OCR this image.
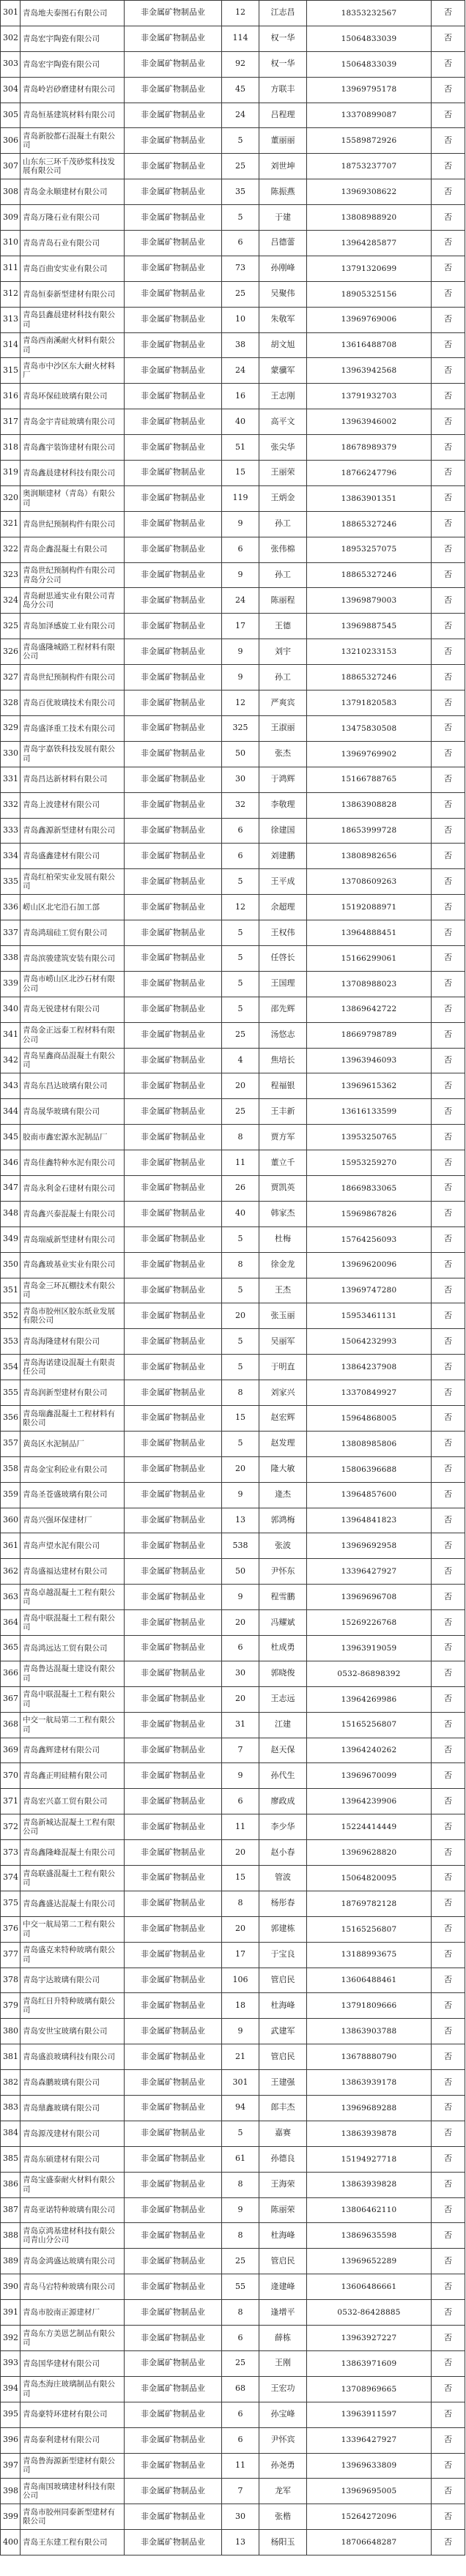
301	青岛地夫泰图石有限公司	非金属矿物制品业	12	江志昌	18353232567	否
302	青岛宏宇陶瓷有限公司	非金属矿物制品业	114	权一华	15064833039	否
303	青岛宏宇陶瓷有限公司	非金属矿物制品业	92	权一华	15064833039	否
304	青岛岭岩砂磨建材有限公司	非金属矿物制品业	45	方联丰	13969795178	否
305	青岛恒基建筑材料有限公司	非金属矿物制品业	24	吕程理	13370899087	否
306	青岛新胶都石混凝土有限公司	非金属矿物制品业	5	董丽丽	15589872926	否
307	山东东三环千茂砂浆科技发展有限公司	非金属矿物制品业	25	刘世坤	18753237707	否
308	青岛金永顺建材有限公司	非金属矿物制品业	35	陈振燕	13969308622	否
309	青岛万隆石业有限公司	非金属矿物制品业	5	于建	13808988920	否
310	青岛青岛石业有限公司	非金属矿物制品业	6	吕德蕾	13964285877	否
311	青岛百曲安实业有限公司	非金属矿物制品业	73	孙刚峰	13791320699	否
312	青岛恒泰新型建材有限公司	非金属矿物制品业	25	吴聚伟	18905325156	否
313	青岛县鑫晨建材科技有限公司	非金属矿物制品业	10	朱敬军	13969769006	否
314	青岛西南溪耐火材料有限公司	非金属矿物制品业	38	胡文旭	13616488708	否
315	青岛市中沙区东大耐火材料厂	非金属矿物制品业	24	蒙骥军	13963942568	否
316	青岛环保硅玻璃有限公司	非金属矿物制品业	16	王志刚	13791932703	否
317	青岛金宇青硅玻璃有限公司	非金属矿物制品业	40	高平文	13963946002	否
318	青岛鑫宇装饰建材有限公司	非金属矿物制品业	51	张尖华	18678989379	否
319	青岛鑫晨建材科技有限公司	非金属矿物制品业	15	王丽荣	18766247796	否
320	奥润顺建材（青岛）有限公司	非金属矿物制品业	119	王炳金	13863901351	否
321	青岛世纪预制构件有限公司	非金属矿物制品业	9	孙工	18865327246	否
322	青岛企鑫混凝土有限公司	非金属矿物制品业	6	张伟棉	18953257075	否
323	青岛世纪预制构件有限公司青岛分公司	非金属矿物制品业	9	孙工	18865327246	否
324	青岛耐思通实业有限公司青岛分公司	非金属矿物制品业	24	陈丽程	13969879003	否
325	青岛加泽感旋工业有限公司	非金属矿物制品业	17	王德	13969887545	否
326	青岛盛隆城路工程材料有限公司	非金属矿物制品业	9	刘宇	13210233153	否
327	青岛世纪预制构件有限公司	非金属矿物制品业	9	孙工	18865327246	否
328	青岛百优玻璃技术有限公司	非金属矿物制品业	12	严爽宾	13791820583	否
329	青岛盛泽重工技术有限公司	非金属矿物制品业	325	王淑丽	13475830508	否
330	青岛宇嘉铁科技发展有限公司	非金属矿物制品业	50	张杰	13969769902	否
331	青岛昌达新材料有限公司	非金属矿物制品业	30	于鸿辉	15166788765	否
332	青岛上波建材有限公司	非金属矿物制品业	32	李敬理	13863908828	否
333	青岛鑫源新型建材有限公司	非金属矿物制品业	6	徐建国	18653999728	否
334	青岛盛鑫建材有限公司	非金属矿物制品业	6	刘建鹏	13808982656	否
335	青岛红柏荣实业发展有限公司	非金属矿物制品业	5	王平成	13708609263	否
336	崂山区北宅沿石加工部	非金属矿物制品业	12	余超理	15192088971	否
337	青岛鸿瑞硅工贸有限公司	非金属矿物制品业	5	王权伟	13964888451	否
338	青岛滨骏建筑安装有限公司	非金属矿物制品业	5	任啓长	15166299061	否
339	青岛市崂山区北沙石材有限公司	非金属矿物制品业	5	王国理	13708988023	否
340	青岛无锐建材有限公司	非金属矿物制品业	5	邵先辉	13869642722	否
341	青岛金正远泰工程材料有限公司	非金属矿物制品业	25	汤悠志	18669798789	否
342	青岛星鑫商品混凝土有限公司	非金属矿物制品业	4	焦培长	13963946093	否
343	青岛东昌达玻璃有限公司	非金属矿物制品业	20	程福银	13969615362	否
344	青岛晟华玻璃有限公司	非金属矿物制品业	25	王丰新	13616133599	否
345	胶南市鑫宏源水泥制品厂	非金属矿物制品业	8	贾方军	13953250765	否
346	青岛佳鑫特种水泥有限公司	非金属矿物制品业	11	董立千	15953259270	否
347	青岛永利金石建材有限公司	非金属矿物制品业	26	贾凯英	18669833065	否
348	青岛鑫兴泰混凝土有限公司	非金属矿物制品业	40	韩家杰	15969867826	否
349	青岛瑞威新型建材有限公司	非金属矿物制品业	5	杜梅	15764256093	否
350	青岛鑫玻基业实业有限公司	非金属矿物制品业	8	徐金龙	13969620096	否
351	青岛金三环瓦棚技术有限公司	非金属矿物制品业	5	王杰	13969747280	否
352	青岛市胶州区胶东纸业发展有限公司	非金属矿物制品业	20	张玉丽	15953461131	否
353	青岛海隆建材有限公司	非金属矿物制品业	5	吴丽军	15064232993	否
354	青岛海诺建设混凝土有限责任公司	非金属矿物制品业	5	于明直	13864237908	否
355	青岛润新型建材有限公司	非金属矿物制品业	8	刘家兴	13370849927	否
356	青岛瑞鑫混凝土工程材料有限公司	非金属矿物制品业	15	赵宏辉	15964868005	否
357	黄岛区水泥制品厂	非金属矿物制品业	5	赵发理	13808985806	否
358	青岛金宝利砼业有限公司	非金属矿物制品业	20	隆大敏	15806396688	否
359	青岛圣苍盛玻璃有限公司	非金属矿物制品业	9	逄杰	13964857600	否
360	青岛兴强环保建材厂	非金属矿物制品业	13	郭鸿梅	13964841823	否
361	青岛声望水泥有限公司	非金属矿物制品业	538	张波	13969692958	否
362	青岛盛福达建材有限公司	非金属矿物制品业	50	尹怀东	13396427927	否
363	青岛卓越混凝土工程有限公司	非金属矿物制品业	9	程雪鹏	13969696708	否
364	青岛中联混凝土工程有限公司	非金属矿物制品业	20	冯耀斌	15269226768	否
365	青岛鸿远达工贸有限公司	非金属矿物制品业	6	杜成勇	13963919059	否
366	青岛鲁达混凝土建设有限公司	非金属矿物制品业	30	郭晓俊	0532-86898392	否
367	青岛中联混凝土工程有限公司	非金属矿物制品业	20	王志远	13964269986	否
368	中交一航局第二工程有限公司	非金属矿物制品业	31	江建	15165256807	否
369	青岛鑫辉建材有限公司	非金属矿物制品业	7	赵天保	13964240262	否
370	青岛鑫正明硅精有限公司	非金属矿物制品业	9	孙代生	13969670099	否
371	青岛宏兴嘉工贸有限公司	非金属矿物制品业	6	廖政成	13964239906	否
372	青岛新城达混凝土工程有限公司	非金属矿物制品业	11	李少华	15224414449	否
373	青岛鑫隆峰混凝土有限公司	非金属矿物制品业	20	赵小春	13969628820	否
374	青岛联盛混凝土工程有限公司	非金属矿物制品业	15	管波	15064820095	否
375	青岛鑫盛达混凝土有限公司	非金属矿物制品业	8	杨彤春	18769782128	否
376	中交一航局第二工程有限公司	非金属矿物制品业	20	郭建栋	15165256807	否
377	青岛盛克来特种玻璃有限公司	非金属矿物制品业	17	于宝良	13188993675	否
378	青岛宇达玻璃有限公司	非金属矿物制品业	106	管启民	13606488461	否
379	青岛红日升特种玻璃有限公司	非金属矿物制品业	18	杜海峰	13791809666	否
380	青岛安世宝玻璃有限公司	非金属矿物制品业	9	武建军	13863903788	否
381	青岛盛浪玻璃科技有限公司	非金属矿物制品业	21	管启民	13678880790	否
382	青岛森鹏玻璃有限公司	非金属矿物制品业	301	王建强	13863939178	否
383	青岛鼎鑫玻璃有限公司	非金属矿物制品业	94	郎丰杰	13969689288	否
384	青岛源茂建材有限公司	非金属矿物制品业	5	嘉赛	13863939878	否
385	青岛东硕建材有限公司	非金属矿物制品业	61	孙德良	15194927718	否
386	青岛宝盛泰耐火材料有限公司	非金属矿物制品业	8	王海荣	13863939828	否
387	青岛亚诺特种玻璃有限公司	非金属矿物制品业	9	陈丽荣	13806462110	否
388	青岛京鸿基建材科技有限公司青山分公司	非金属矿物制品业	8	杜海峰	13869635598	否
389	青岛金鸿盛达玻璃有限公司	非金属矿物制品业	25	管启民	13969652289	否
390	青岛马宕特种玻璃有限公司	非金属矿物制品业	55	逄建峰	13606486661	否
391	青岛市胶南正源建材厂	非金属矿物制品业	8	逢增平	0532-86428885	否
392	青岛东方美恩艺制品有限公司	非金属矿物制品业	6	薛栋	13963927227	否
393	青岛国华建材有限公司	非金属矿物制品业	25	王刚	13863971609	否
394	青岛杰海庄玻璃制品有限公司	非金属矿物制品业	68	王宏功	13708969665	否
395	青岛豪特环建材有限公司	非金属矿物制品业	6	孙宝峰	13963911597	否
396	青岛泰利建材有限公司	非金属矿物制品业	6	尹怀宾	13396427927	否
397	青岛鲁海源新型建材有限公司	非金属矿物制品业	11	孙尧勇	13969633809	否
398	青岛南国玻璃建材科技有限公司	非金属矿物制品业	7	龙军	13969695005	否
399	青岛市胶州同泰新型建材有限公司	非金属矿物制品业	30	张楷	15264272096	否
400	青岛王东建工程有限公司	非金属矿物制品业	13	杨阳玉	18706648287	否
